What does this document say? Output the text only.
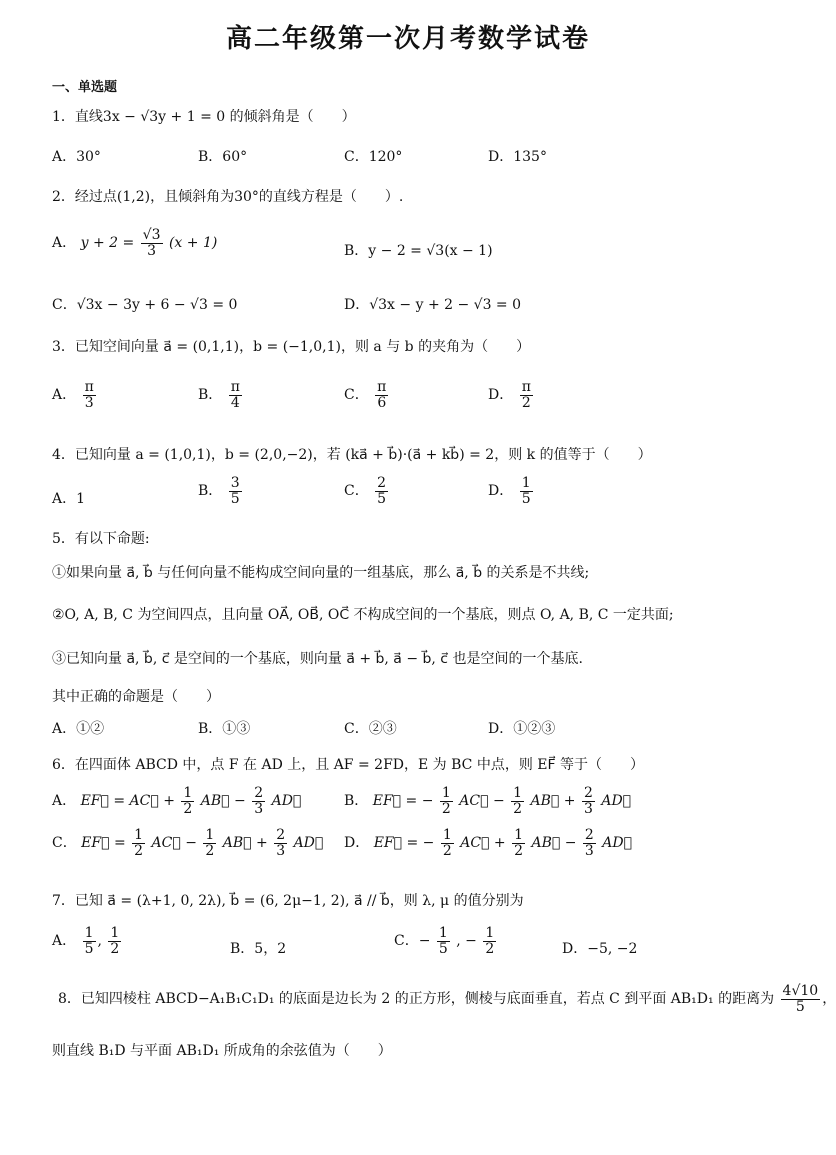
高二年级第一次月考数学试卷
一、单选题
1．直线3x − √3y + 1 = 0 的倾斜角是（　　）
A．30°	B．60°	C．120°	D．135°
2．经过点(1,2)，且倾斜角为30°的直线方程是（　　）.
A． $y + 2 = \frac{√3}{3} (x + 1)$	B．y − 2 = √3(x − 1)
C．√3x − 3y + 6 − √3 = 0	D．√3x − y + 2 − √3 = 0
3．已知空间向量 a⃗ = (0,1,1)，b = (−1,0,1)，则 a 与 b 的夹角为（　　）
A． $\frac{\pi}{3}$	B． $\frac{\pi}{4}$	C． $\frac{\pi}{6}$	D． $\frac{\pi}{2}$
4．已知向量 a = (1,0,1)，b = (2,0,−2)，若 (ka⃗ + b⃗)·(a⃗ + kb⃗) = 2，则 k 的值等于（　　）
A．1	B． $\frac{3}{5}$	C． $\frac{2}{5}$	D． $\frac{1}{5}$
5．有以下命题:
①如果向量 a⃗, b⃗ 与任何向量不能构成空间向量的一组基底，那么 a⃗, b⃗ 的关系是不共线;
②O, A, B, C 为空间四点，且向量 OA⃗, OB⃗, OC⃗ 不构成空间的一个基底，则点 O, A, B, C 一定共面;
③已知向量 a⃗, b⃗, c⃗ 是空间的一个基底，则向量 a⃗ + b⃗, a⃗ − b⃗, c⃗ 也是空间的一个基底.
其中正确的命题是（　　）
A．①②	B．①③	C．②③	D．①②③
6．在四面体 ABCD 中，点 F 在 AD 上，且 AF = 2FD，E 为 BC 中点，则 EF⃗ 等于（　　）
A． EF⃗ = AC⃗ + $\frac{1}{2}$ AB⃗ − $\frac{2}{3}$ AD⃗	B． EF⃗ = − $\frac{1}{2}$ AC⃗ − $\frac{1}{2}$ AB⃗ + $\frac{2}{3}$ AD⃗
C． EF⃗ = $\frac{1}{2}$ AC⃗ − $\frac{1}{2}$ AB⃗ + $\frac{2}{3}$ AD⃗ D． EF⃗ = − $\frac{1}{2}$ AC⃗ + $\frac{1}{2}$ AB⃗ − $\frac{2}{3}$ AD⃗
7．已知 a⃗ = (λ+1, 0, 2λ), b⃗ = (6, 2μ−1, 2), a⃗ // b⃗，则 λ, μ 的值分别为
A． $\frac{1}{5}$ , $\frac{1}{2}$	B．5，2	C．− $\frac{1}{5}$ , − $\frac{1}{2}$	D．−5, −2
8．已知四棱柱 ABCD−A₁B₁C₁D₁ 的底面是边长为 2 的正方形，侧棱与底面垂直，若点 C 到平面 AB₁D₁ 的距离为 $\frac{4√10}{5}$ ，
则直线 B₁D 与平面 AB₁D₁ 所成角的余弦值为（　　）
